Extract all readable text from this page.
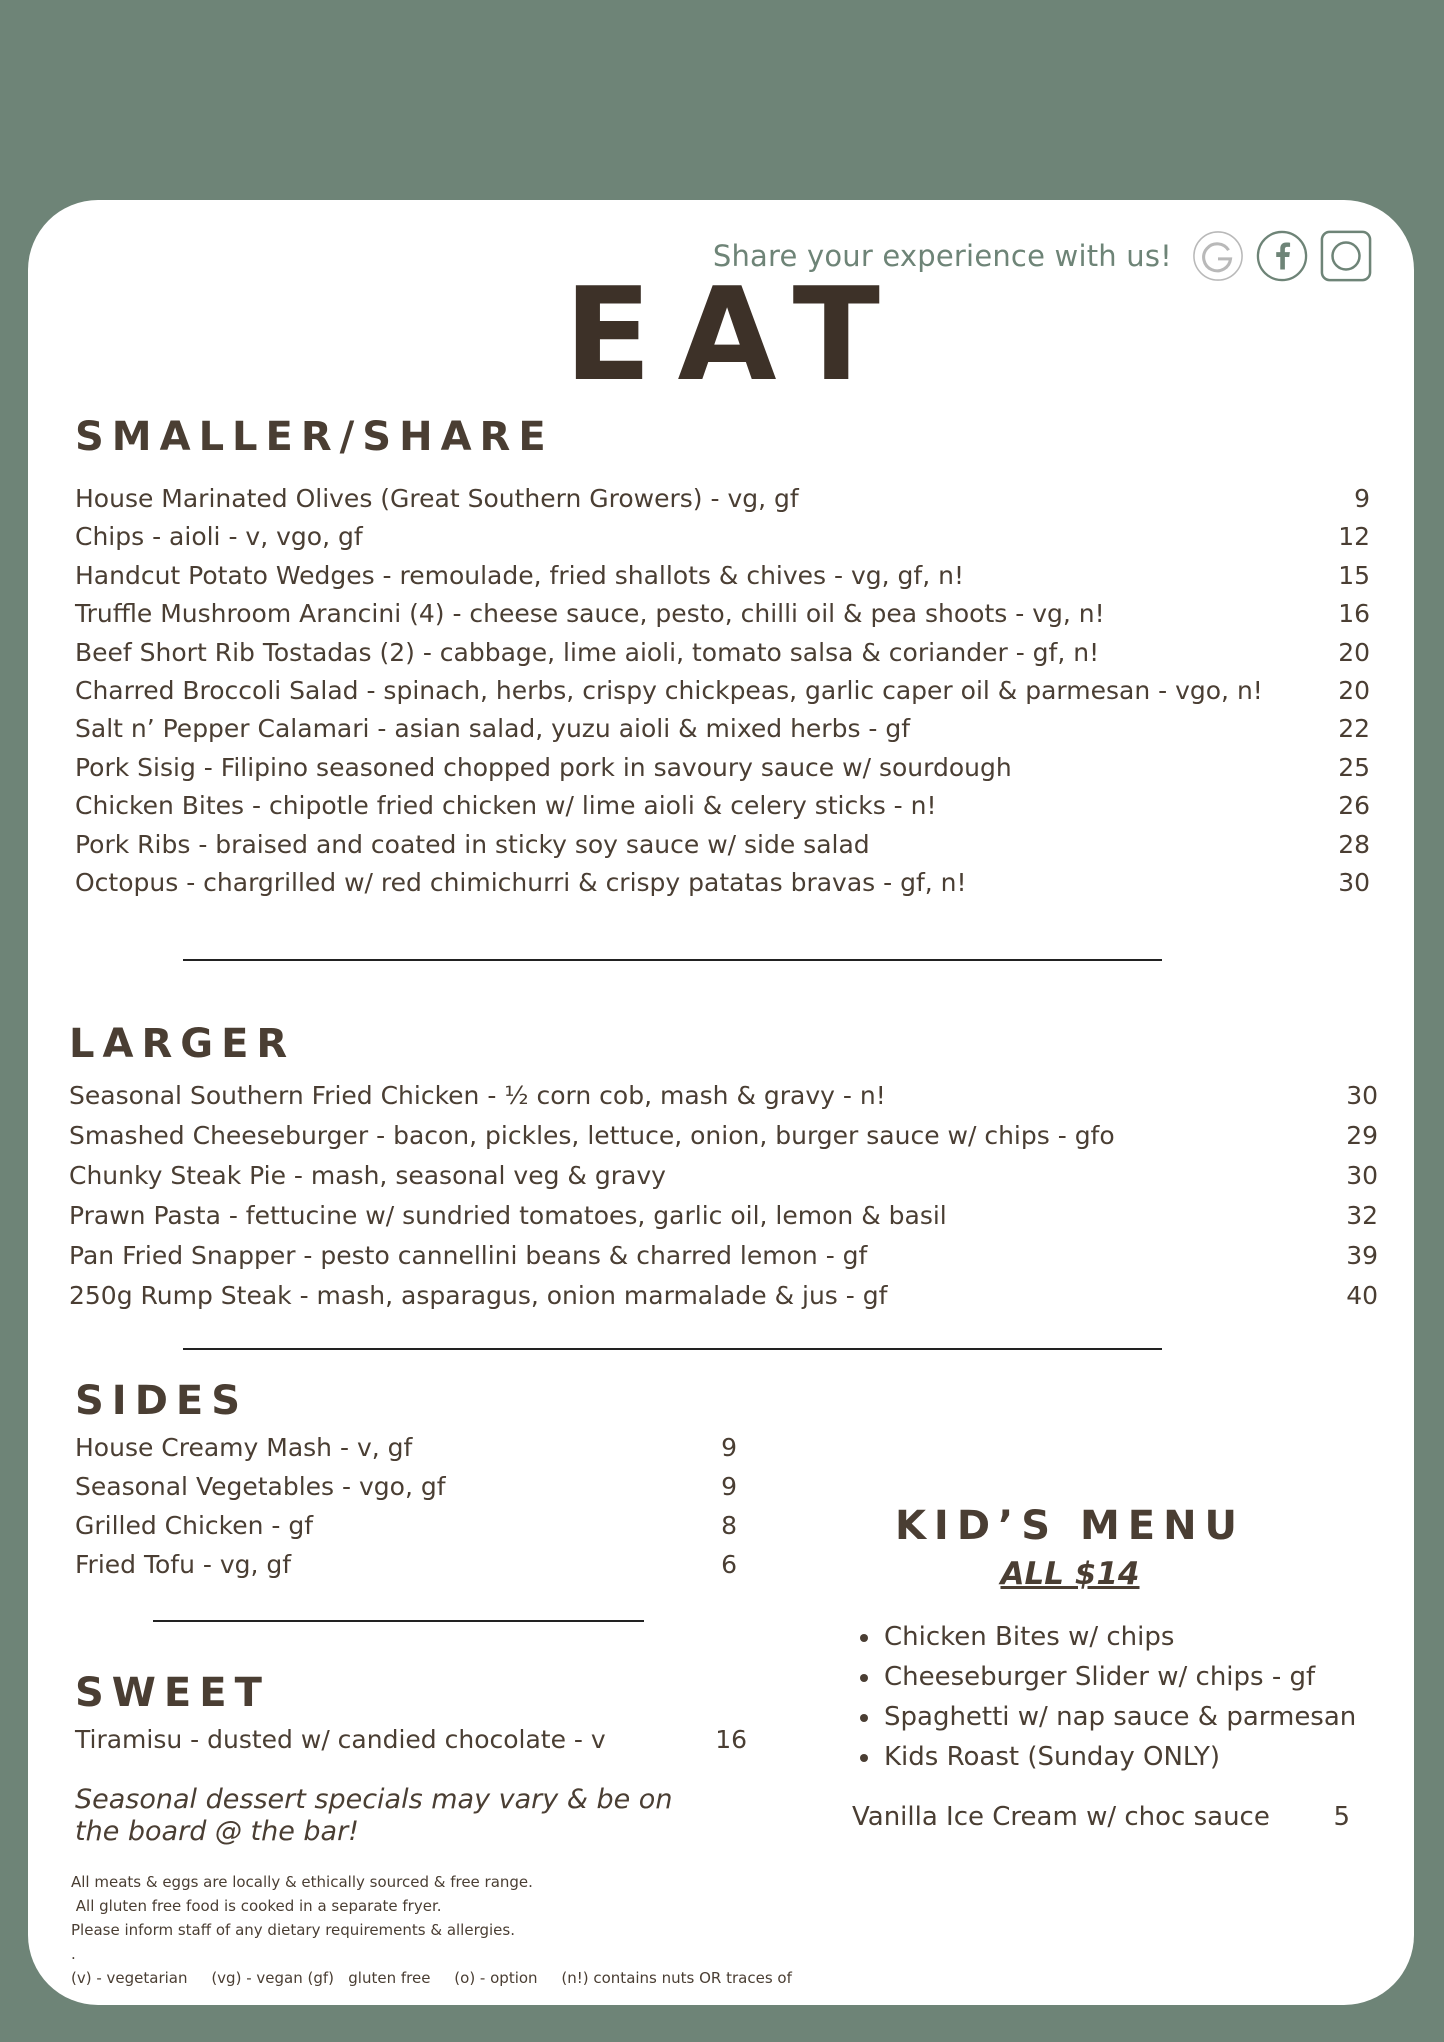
Share your experience with us!
EAT
SMALLER/SHARE
House Marinated Olives (Great Southern Growers) - vg, gf	9
Chips - aioli - v, vgo, gf	12
Handcut Potato Wedges - remoulade, fried shallots & chives - vg, gf, n!	15
Truffle Mushroom Arancini (4) - cheese sauce, pesto, chilli oil & pea shoots - vg, n!	16
Beef Short Rib Tostadas (2) - cabbage, lime aioli, tomato salsa & coriander - gf, n!	20
Charred Broccoli Salad - spinach, herbs, crispy chickpeas, garlic caper oil & parmesan - vgo, n!	20
Salt n’ Pepper Calamari - asian salad, yuzu aioli & mixed herbs - gf	22
Pork Sisig - Filipino seasoned chopped pork in savoury sauce w/ sourdough	25
Chicken Bites - chipotle fried chicken w/ lime aioli & celery sticks - n!	26
Pork Ribs - braised and coated in sticky soy sauce w/ side salad	28
Octopus - chargrilled w/ red chimichurri & crispy patatas bravas - gf, n!	30
LARGER
Seasonal Southern Fried Chicken - ½ corn cob, mash & gravy - n!	30
Smashed Cheeseburger - bacon, pickles, lettuce, onion, burger sauce w/ chips - gfo	29
Chunky Steak Pie - mash, seasonal veg & gravy	30
Prawn Pasta - fettucine w/ sundried tomatoes, garlic oil, lemon & basil	32
Pan Fried Snapper - pesto cannellini beans & charred lemon - gf	39
250g Rump Steak - mash, asparagus, onion marmalade & jus - gf	40
SIDES
House Creamy Mash - v, gf	9
Seasonal Vegetables - vgo, gf	9
Grilled Chicken - gf	8
Fried Tofu - vg, gf	6
SWEET
Tiramisu - dusted w/ candied chocolate - v	16
Seasonal dessert specials may vary & be on the board @ the bar!
KID’S MENU
ALL $14
Chicken Bites w/ chips
Cheeseburger Slider w/ chips - gf
Spaghetti w/ nap sauce & parmesan
Kids Roast (Sunday ONLY)
Vanilla Ice Cream w/ choc sauce 5
All meats & eggs are locally & ethically sourced & free range.
All gluten free food is cooked in a separate fryer.
Please inform staff of any dietary requirements & allergies.
.
(v) - vegetarian     (vg) - vegan (gf)   gluten free     (o) - option     (n!) contains nuts OR traces of
